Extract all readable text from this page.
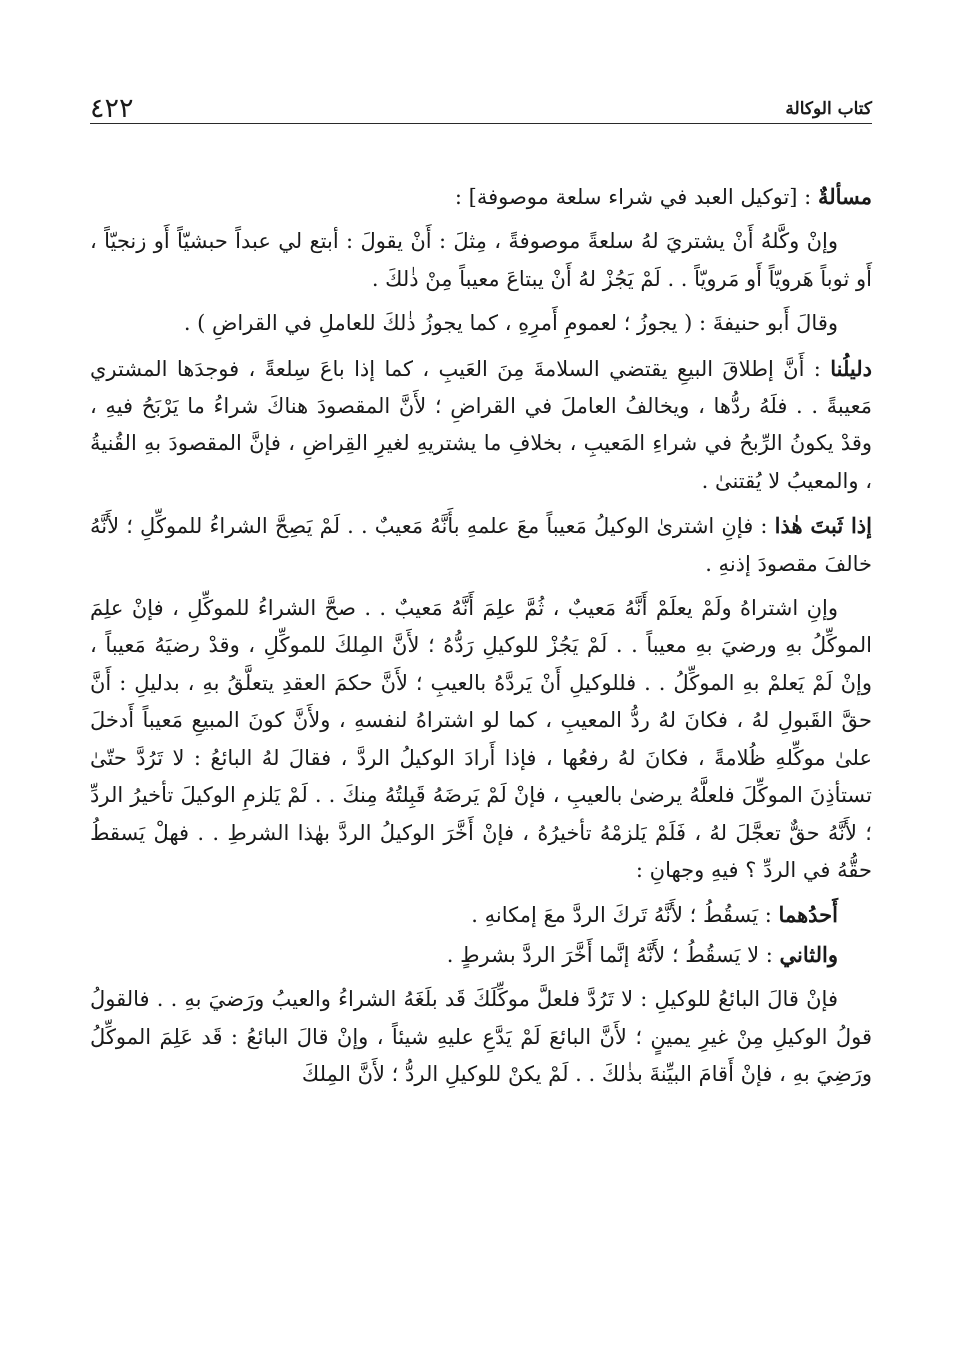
٤٢٢	كتاب الوكالة

مسألةٌ : [توكيل العبد في شراء سلعة موصوفة] :

وإنْ وكَّلهُ أَنْ يشتريَ لهُ سلعةً موصوفةً ، مِثلَ : أَنْ يقولَ : أبتع لي عبداً حبشيّاً أَو زنجيّاً ، أَو ثوباً هَرويّاً أَو مَرويّاً . . لَمْ يَجُزْ لهُ أَنْ يبتاعَ معيباً مِنْ ذٰلكَ .

وقالَ أَبو حنيفةَ : ( يجوزُ ؛ لعمومِ أَمرِهِ ، كما يجوزُ ذٰلكَ للعاملِ في القراضِ ) .

دليلُنا : أَنَّ إطلاقَ البيعِ يقتضي السلامةَ مِنَ العَيبِ ، كما إذا باعَ سِلعةً ، فوجدَها المشتري مَعيبةً . . فلَهُ ردُّها ، ويخالفُ العاملَ في القراضِ ؛ لأَنَّ المقصودَ هناكَ شراءُ ما يَرْبَحُ فيهِ ، وقدْ يكونُ الرِّبحُ في شراءِ المَعيبِ ، بخلافِ ما يشتريهِ لغيرِ القِراضِ ، فإنَّ المقصودَ بهِ القُنيةُ ، والمعيبُ لا يُقتنىٰ .

إذا ثَبتَ هٰذا : فإنِ اشترىٰ الوكيلُ مَعيباً معَ علمهِ بأَنَّهُ مَعيبٌ . . لَمْ يَصِحَّ الشراءُ للموكِّلِ ؛ لأَنَّهُ خالفَ مقصودَ إذنهِ .

وإنِ اشتراهُ ولَمْ يعلَمْ أَنَّهُ مَعيبٌ ، ثُمَّ علِمَ أَنَّهُ مَعيبٌ . . صحَّ الشراءُ للموكِّلِ ، فإنْ علِمَ الموكِّلُ بهِ ورضيَ بهِ معيباً . . لَمْ يَجُزْ للوكيلِ رَدُّهُ ؛ لأَنَّ المِلكَ للموكِّلِ ، وقدْ رضيَهُ مَعيباً ، وإنْ لَمْ يَعلمْ بهِ الموكِّلُ . . فللوكيلِ أَنْ يَردَّهُ بالعيبِ ؛ لأَنَّ حكمَ العقدِ يتعلَّقُ بهِ ، بدليلِ : أَنَّ حقَّ القَبولِ لهُ ، فكانَ لهُ ردُّ المعيبِ ، كما لو اشتراهُ لنفسهِ ، ولأَنَّ كونَ المبيعِ مَعيباً أَدخلَ علىٰ موكِّلهِ ظُلامةً ، فكانَ لهُ رفعُها ، فإذا أَرادَ الوكيلُ الردَّ ، فقالَ لهُ البائعُ : لا تَرُدَّ حتّىٰ تستأذِنَ الموكِّلَ فلعلَّهُ يرضىٰ بالعيبِ ، فإنْ لَمْ يَرضَهُ قَبِلتُهُ مِنكَ . . لَمْ يَلزمِ الوكيلَ تأخيرُ الردِّ ؛ لأَنَّهُ حقٌّ تعجَّلَ لهُ ، فَلَمْ يَلزمْهُ تأخيرُهُ ، فإنْ أَخَّرَ الوكيلُ الردَّ بهٰذا الشرطِ . . فهلْ يَسقطُ حقُّهُ في الردِّ ؟ فيهِ وجهانِ :

أَحدُهما : يَسقُطُ ؛ لأَنَّهُ تَركَ الردَّ معَ إمكانهِ .

والثاني : لا يَسقُطُ ؛ لأَنَّهُ إنَّما أَخَّرَ الردَّ بشرطٍ .

فإنْ قالَ البائعُ للوكيلِ : لا تَرُدَّ فلعلَّ موكِّلَكَ قَد بلَغَهُ الشراءُ والعيبُ ورَضيَ بهِ . . فالقولُ قولُ الوكيلِ مِنْ غيرِ يمينٍ ؛ لأَنَّ البائعَ لَمْ يَدَّعِ عليهِ شيئاً ، وإنْ قالَ البائعُ : قَد عَلِمَ الموكِّلُ ورَضِيَ بهِ ، فإنْ أَقامَ البيِّنةَ بذٰلكَ . . لَمْ يكنْ للوكيلِ الردُّ ؛ لأَنَّ المِلكَ
